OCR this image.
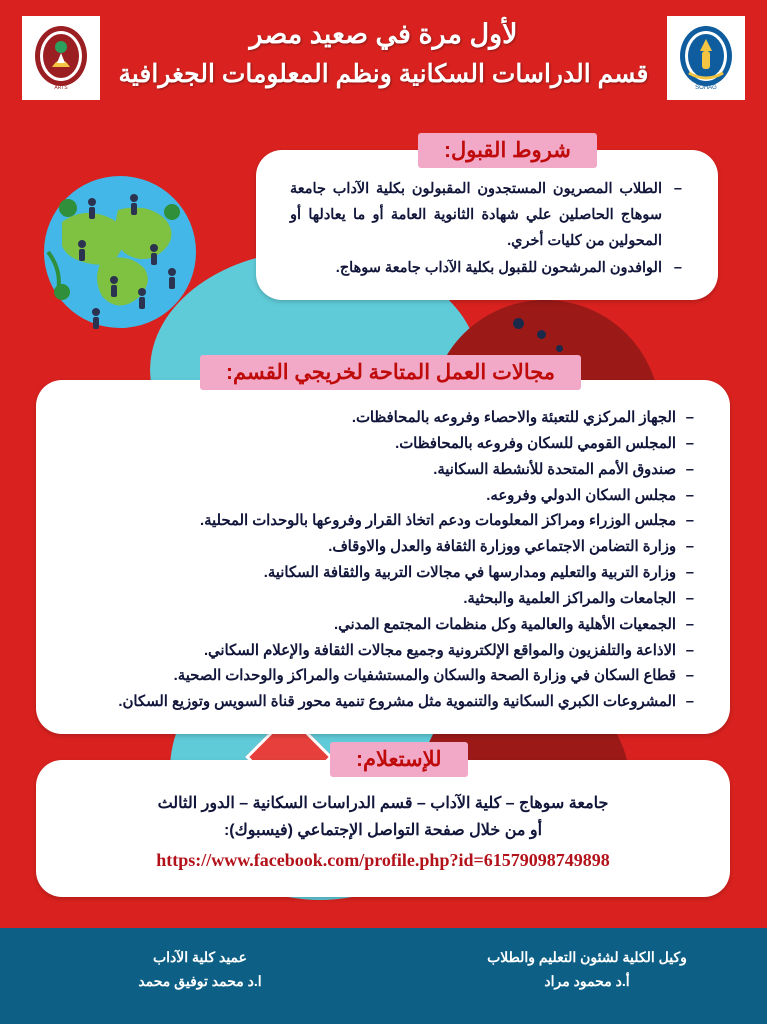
SOHAG
ARTS
لأول مرة في صعيد مصر
قسم الدراسات السكانية ونظم المعلومات الجغرافية
شروط القبول:
– الطلاب المصريون المستجدون المقبولون بكلية الآداب جامعة سوهاج الحاصلين علي شهادة الثانوية العامة أو ما يعادلها أو المحولين من كليات أخري.
– الوافدون المرشحون للقبول بكلية الآداب جامعة سوهاج.
مجالات العمل المتاحة لخريجي القسم:
– الجهاز المركزي للتعبئة والاحصاء وفروعه بالمحافظات.
– المجلس القومي للسكان وفروعه بالمحافظات.
– صندوق الأمم المتحدة للأنشطة السكانية.
– مجلس السكان الدولي وفروعه.
– مجلس الوزراء ومراكز المعلومات ودعم اتخاذ القرار وفروعها بالوحدات المحلية.
– وزارة التضامن الاجتماعي ووزارة الثقافة والعدل والاوقاف.
– وزارة التربية والتعليم ومدارسها في مجالات التربية والثقافة السكانية.
– الجامعات والمراكز العلمية والبحثية.
– الجمعيات الأهلية والعالمية وكل منظمات المجتمع المدني.
– الاذاعة والتلفزيون والمواقع الإلكترونية وجميع مجالات الثقافة والإعلام السكاني.
– قطاع السكان في وزارة الصحة والسكان والمستشفيات والمراكز والوحدات الصحية.
– المشروعات الكبري السكانية والتنموية مثل مشروع تنمية محور قناة السويس وتوزيع السكان.
للإستعلام:
جامعة سوهاج – كلية الآداب – قسم الدراسات السكانية – الدور الثالث
أو من خلال صفحة التواصل الإجتماعي (فيسبوك):
https://www.facebook.com/profile.php?id=61579098749898
وكيل الكلية لشئون التعليم والطلاب
أ.د محمود مراد
عميد كلية الآداب
ا.د محمد توفيق محمد
